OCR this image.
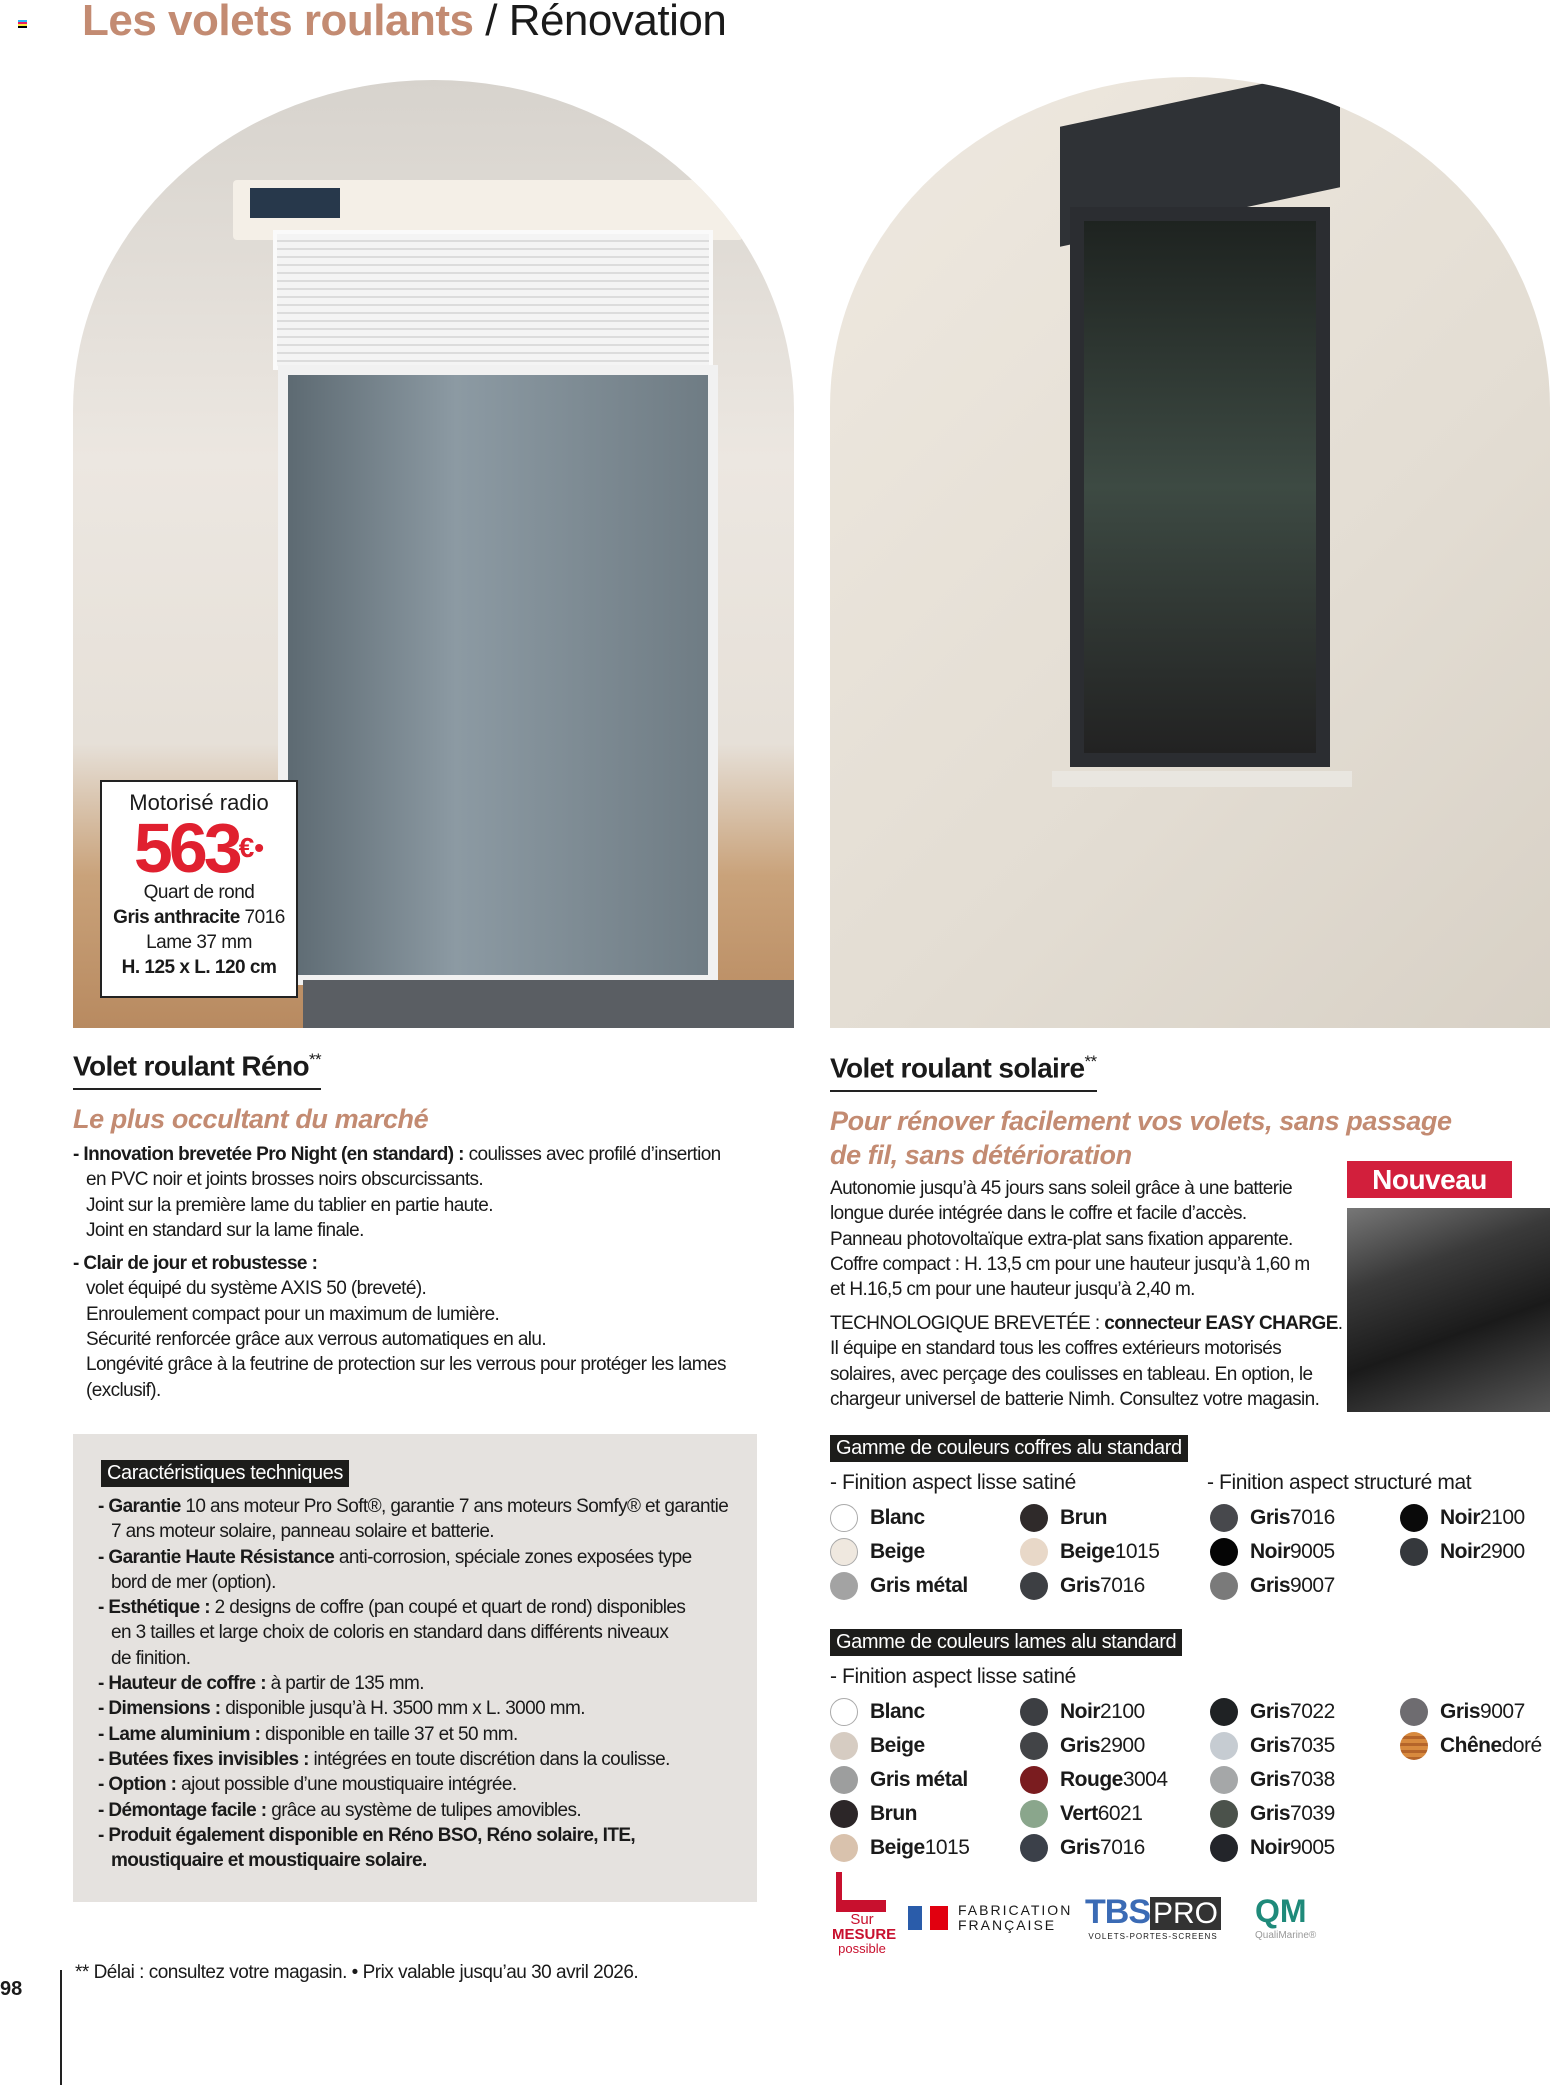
Les volets roulants / Rénovation
Motorisé radio
563€•
Quart de rond
Gris anthracite 7016
Lame 37 mm
H. 125 x L. 120 cm
Volet roulant Réno**
Le plus occultant du marché
- Innovation brevetée Pro Night (en standard) : coulisses avec profilé d’insertion
en PVC noir et joints brosses noirs obscurcissants.
Joint sur la première lame du tablier en partie haute.
Joint en standard sur la lame finale.
- Clair de jour et robustesse :
volet équipé du système AXIS 50 (breveté).
Enroulement compact pour un maximum de lumière.
Sécurité renforcée grâce aux verrous automatiques en alu.
Longévité grâce à la feutrine de protection sur les verrous pour protéger les lames
(exclusif).
Caractéristiques techniques
- Garantie 10 ans moteur Pro Soft®, garantie 7 ans moteurs Somfy® et garantie
7 ans moteur solaire, panneau solaire et batterie.
- Garantie Haute Résistance anti-corrosion, spéciale zones exposées type
bord de mer (option).
- Esthétique : 2 designs de coffre (pan coupé et quart de rond) disponibles
en 3 tailles et large choix de coloris en standard dans différents niveaux
de finition.
- Hauteur de coffre : à partir de 135 mm.
- Dimensions : disponible jusqu’à H. 3500 mm x L. 3000 mm.
- Lame aluminium : disponible en taille 37 et 50 mm.
- Butées fixes invisibles : intégrées en toute discrétion dans la coulisse.
- Option : ajout possible d’une moustiquaire intégrée.
- Démontage facile : grâce au système de tulipes amovibles.
- Produit également disponible en Réno BSO, Réno solaire, ITE,
moustiquaire et moustiquaire solaire.
Volet roulant solaire**
Pour rénover facilement vos volets, sans passage
de fil, sans détérioration
Nouveau
Autonomie jusqu’à 45 jours sans soleil grâce à une batterie
longue durée intégrée dans le coffre et facile d’accès.
Panneau photovoltaïque extra-plat sans fixation apparente.
Coffre compact : H. 13,5 cm pour une hauteur jusqu’à 1,60 m
et H.16,5 cm pour une hauteur jusqu’à 2,40 m.
TECHNOLOGIQUE BREVETÉE : connecteur EASY CHARGE.
Il équipe en standard tous les coffres extérieurs motorisés
solaires, avec perçage des coulisses en tableau. En option, le
chargeur universel de batterie Nimh. Consultez votre magasin.
Gamme de couleurs coffres alu standard
- Finition aspect lisse satiné	- Finition aspect structuré mat
Blanc
Beige
Gris métal
Brun
Beige 1015
Gris 7016
Gris 7016
Noir 9005
Gris 9007
Noir 2100
Noir 2900
Gamme de couleurs lames alu standard
- Finition aspect lisse satiné
Blanc
Beige
Gris métal
Brun
Beige 1015
Noir 2100
Gris 2900
Rouge 3004
Vert 6021
Gris 7016
Gris 7022
Gris 7035
Gris 7038
Gris 7039
Noir 9005
Gris 9007
Chêne doré
Sur
MESURE
possible
FABRICATION
FRANÇAISE TBS PRO
VOLETS-PORTES-SCREENS
QM
QualiMarine®
98
** Délai : consultez votre magasin. • Prix valable jusqu’au 30 avril 2026.
